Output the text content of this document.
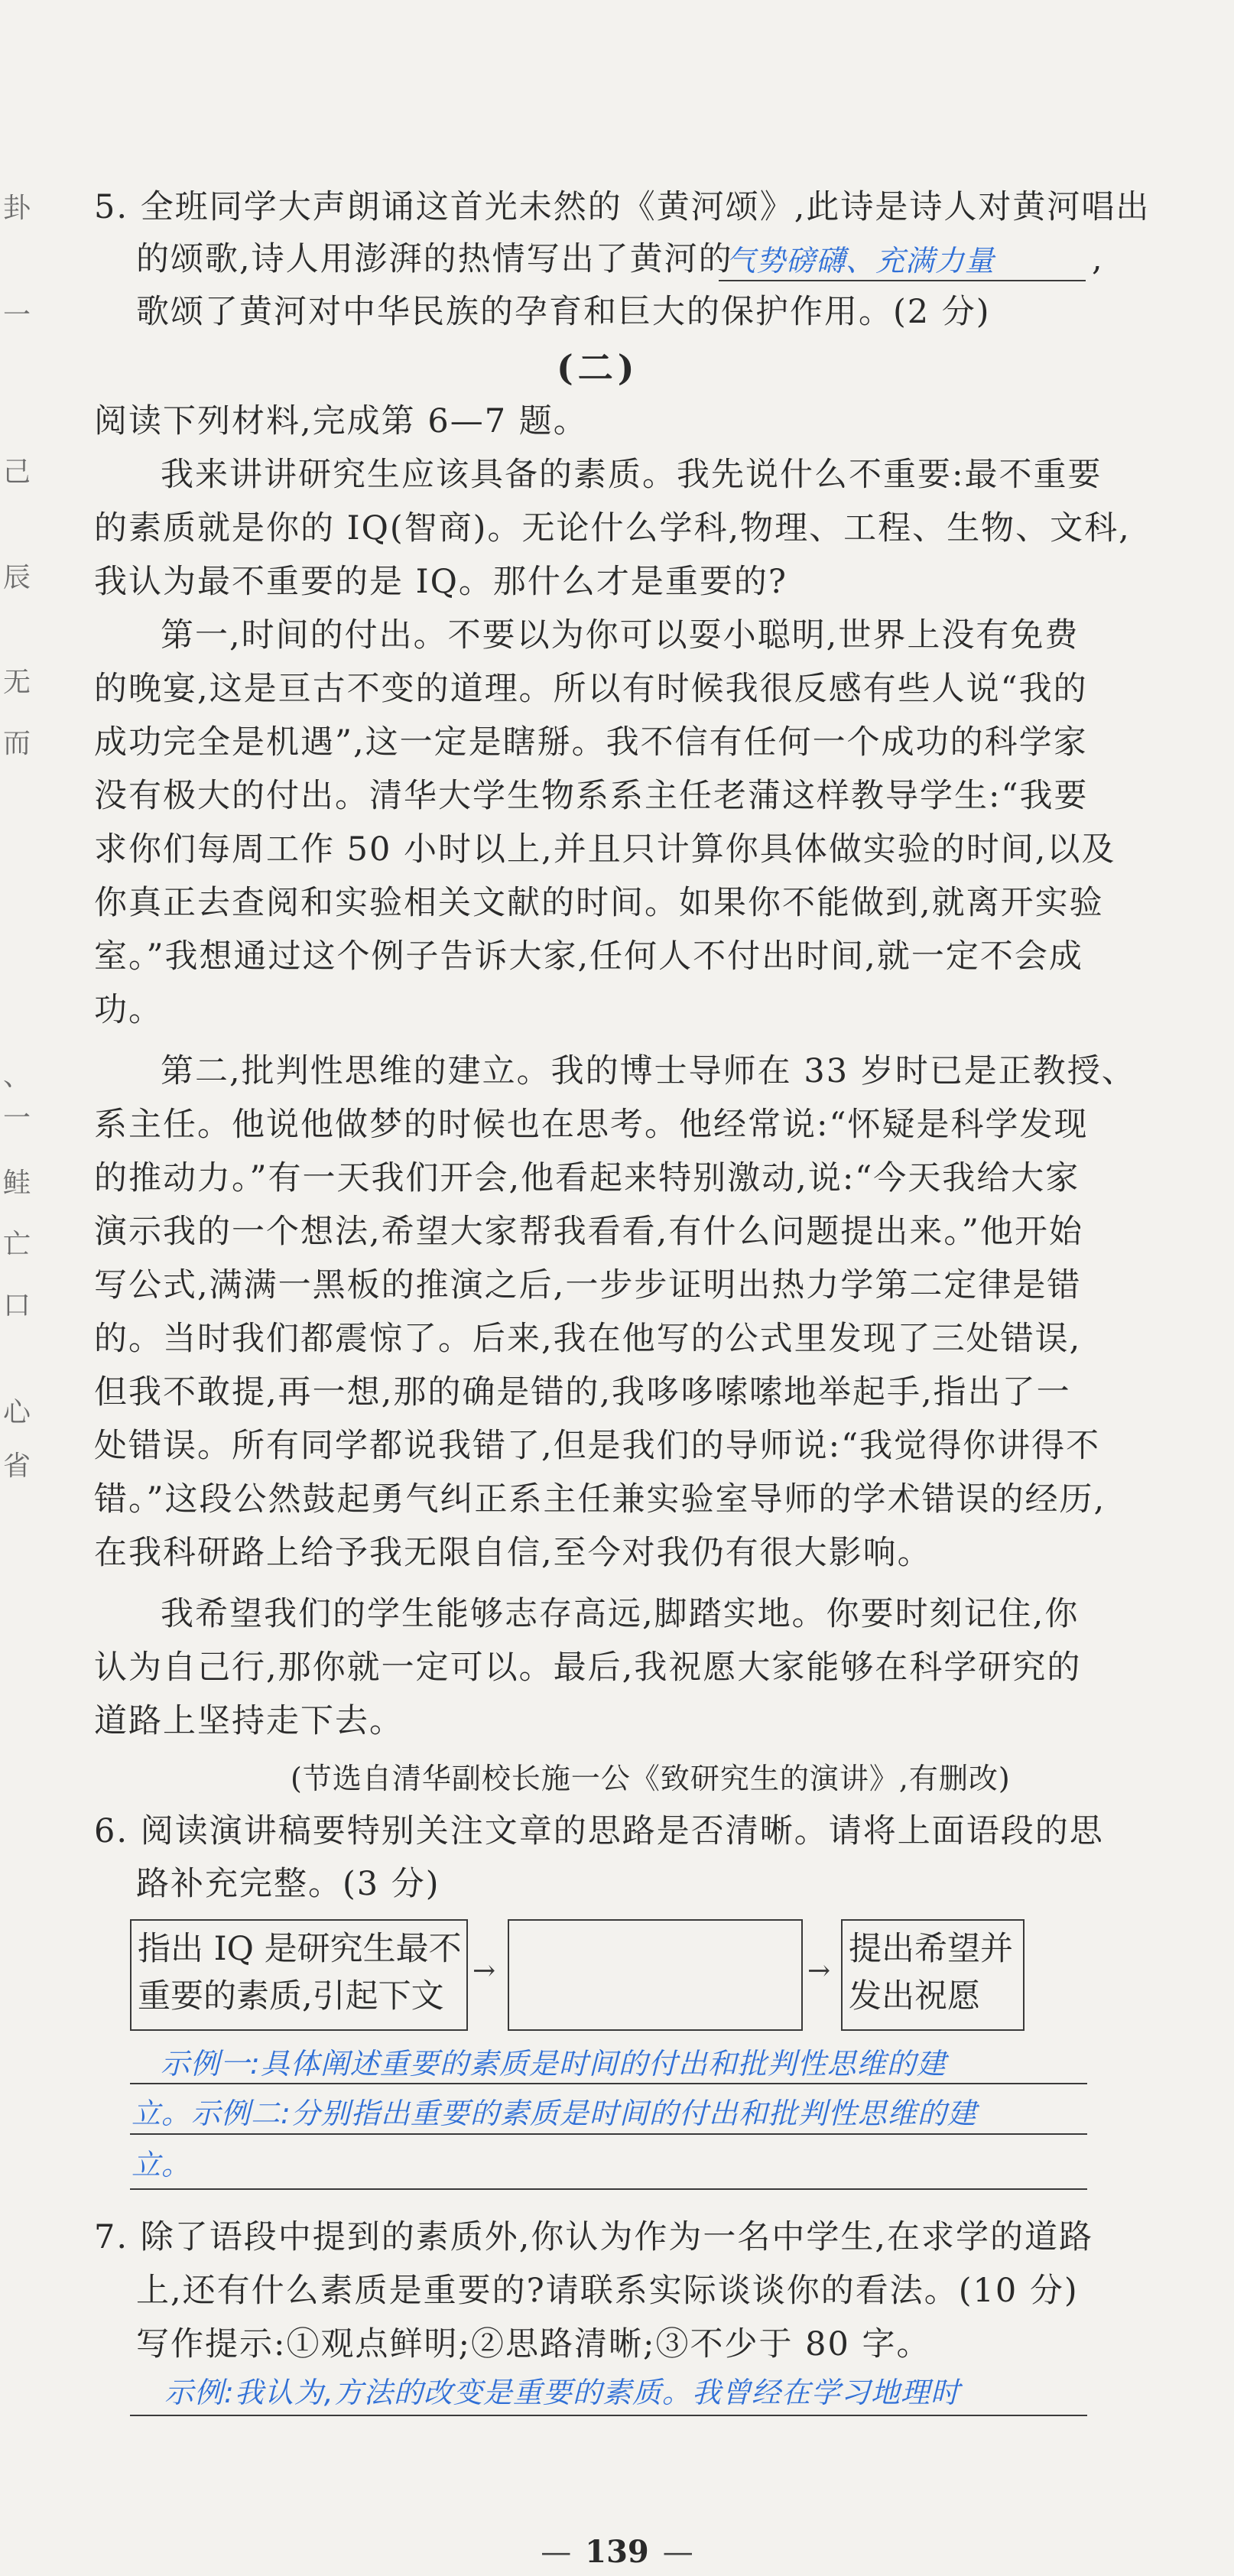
卦
一
己
辰
无
而
、
一
鲑
亡
口
心
省
5. 全班同学大声朗诵这首光未然的《黄河颂》,此诗是诗人对黄河唱出
的颂歌,诗人用澎湃的热情写出了黄河的
气势磅礴、充满力量	,
歌颂了黄河对中华民族的孕育和巨大的保护作用。(2 分)
(二)
阅读下列材料,完成第 6—7 题。
我来讲讲研究生应该具备的素质。我先说什么不重要:最不重要
的素质就是你的 IQ(智商)。无论什么学科,物理、工程、生物、文科,
我认为最不重要的是 IQ。那什么才是重要的?
第一,时间的付出。不要以为你可以耍小聪明,世界上没有免费
的晚宴,这是亘古不变的道理。所以有时候我很反感有些人说“我的
成功完全是机遇”,这一定是瞎掰。我不信有任何一个成功的科学家
没有极大的付出。清华大学生物系系主任老蒲这样教导学生:“我要
求你们每周工作 50 小时以上,并且只计算你具体做实验的时间,以及
你真正去查阅和实验相关文献的时间。如果你不能做到,就离开实验
室。”我想通过这个例子告诉大家,任何人不付出时间,就一定不会成
功。
第二,批判性思维的建立。我的博士导师在 33 岁时已是正教授、
系主任。他说他做梦的时候也在思考。他经常说:“怀疑是科学发现
的推动力。”有一天我们开会,他看起来特别激动,说:“今天我给大家
演示我的一个想法,希望大家帮我看看,有什么问题提出来。”他开始
写公式,满满一黑板的推演之后,一步步证明出热力学第二定律是错
的。当时我们都震惊了。后来,我在他写的公式里发现了三处错误,
但我不敢提,再一想,那的确是错的,我哆哆嗦嗦地举起手,指出了一
处错误。所有同学都说我错了,但是我们的导师说:“我觉得你讲得不
错。”这段公然鼓起勇气纠正系主任兼实验室导师的学术错误的经历,
在我科研路上给予我无限自信,至今对我仍有很大影响。
我希望我们的学生能够志存高远,脚踏实地。你要时刻记住,你
认为自己行,那你就一定可以。最后,我祝愿大家能够在科学研究的
道路上坚持走下去。
(节选自清华副校长施一公《致研究生的演讲》,有删改)
6. 阅读演讲稿要特别关注文章的思路是否清晰。请将上面语段的思
路补充完整。(3 分)
指出 IQ 是研究生最不
重要的素质,引起下文
→	→
提出希望并
发出祝愿
示例一:具体阐述重要的素质是时间的付出和批判性思维的建
立。示例二:分别指出重要的素质是时间的付出和批判性思维的建
立。
7. 除了语段中提到的素质外,你认为作为一名中学生,在求学的道路
上,还有什么素质是重要的?请联系实际谈谈你的看法。(10 分)
写作提示:①观点鲜明;②思路清晰;③不少于 80 字。
示例:我认为,方法的改变是重要的素质。我曾经在学习地理时
— 139 —
